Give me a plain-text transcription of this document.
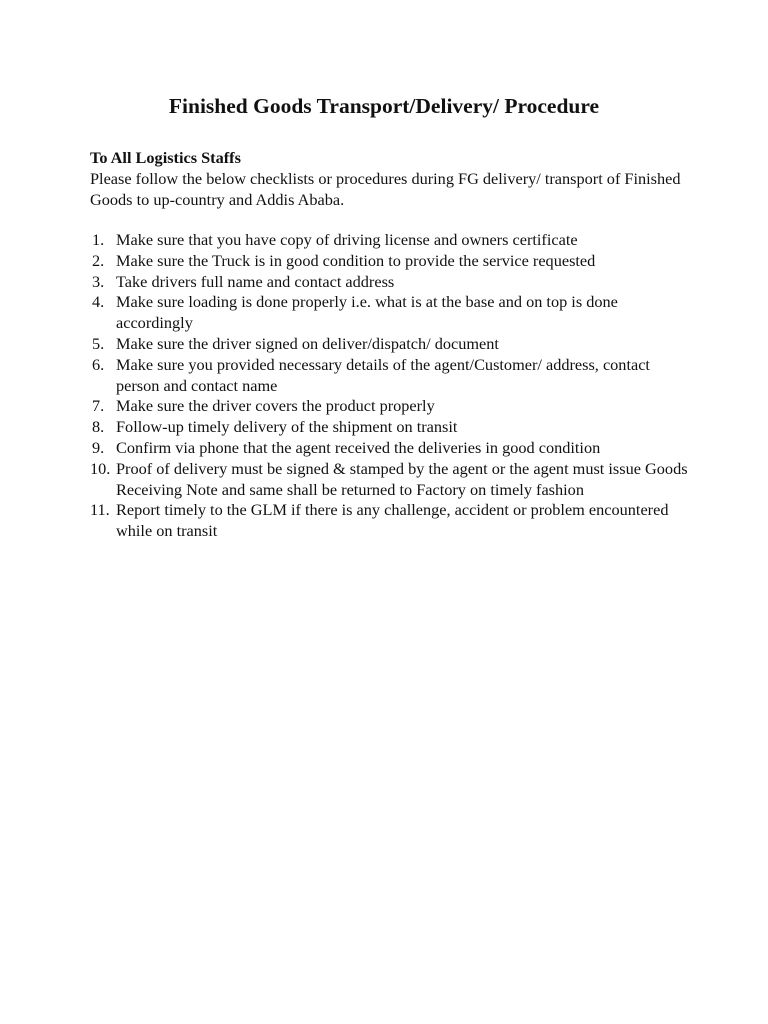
Finished Goods Transport/Delivery/ Procedure
To All Logistics Staffs
Please follow the below checklists or procedures during FG delivery/ transport of Finished Goods to up-country and Addis Ababa.
1. Make sure that you have copy of driving license and owners certificate
2. Make sure the Truck is in good condition to provide the service requested
3. Take drivers full name and contact address
4. Make sure loading is done properly i.e. what is at the base and on top is done accordingly
5. Make sure the driver signed on deliver/dispatch/ document
6. Make sure you provided necessary details of the agent/Customer/ address, contact person and contact name
7. Make sure the driver covers the product properly
8. Follow-up timely delivery of the shipment on transit
9. Confirm via phone that the agent received the deliveries in good condition
10. Proof of delivery must be signed & stamped by the agent or the agent must issue Goods Receiving Note and same shall be returned to Factory on timely fashion
11. Report timely to the GLM if there is any challenge, accident or problem encountered while on transit
